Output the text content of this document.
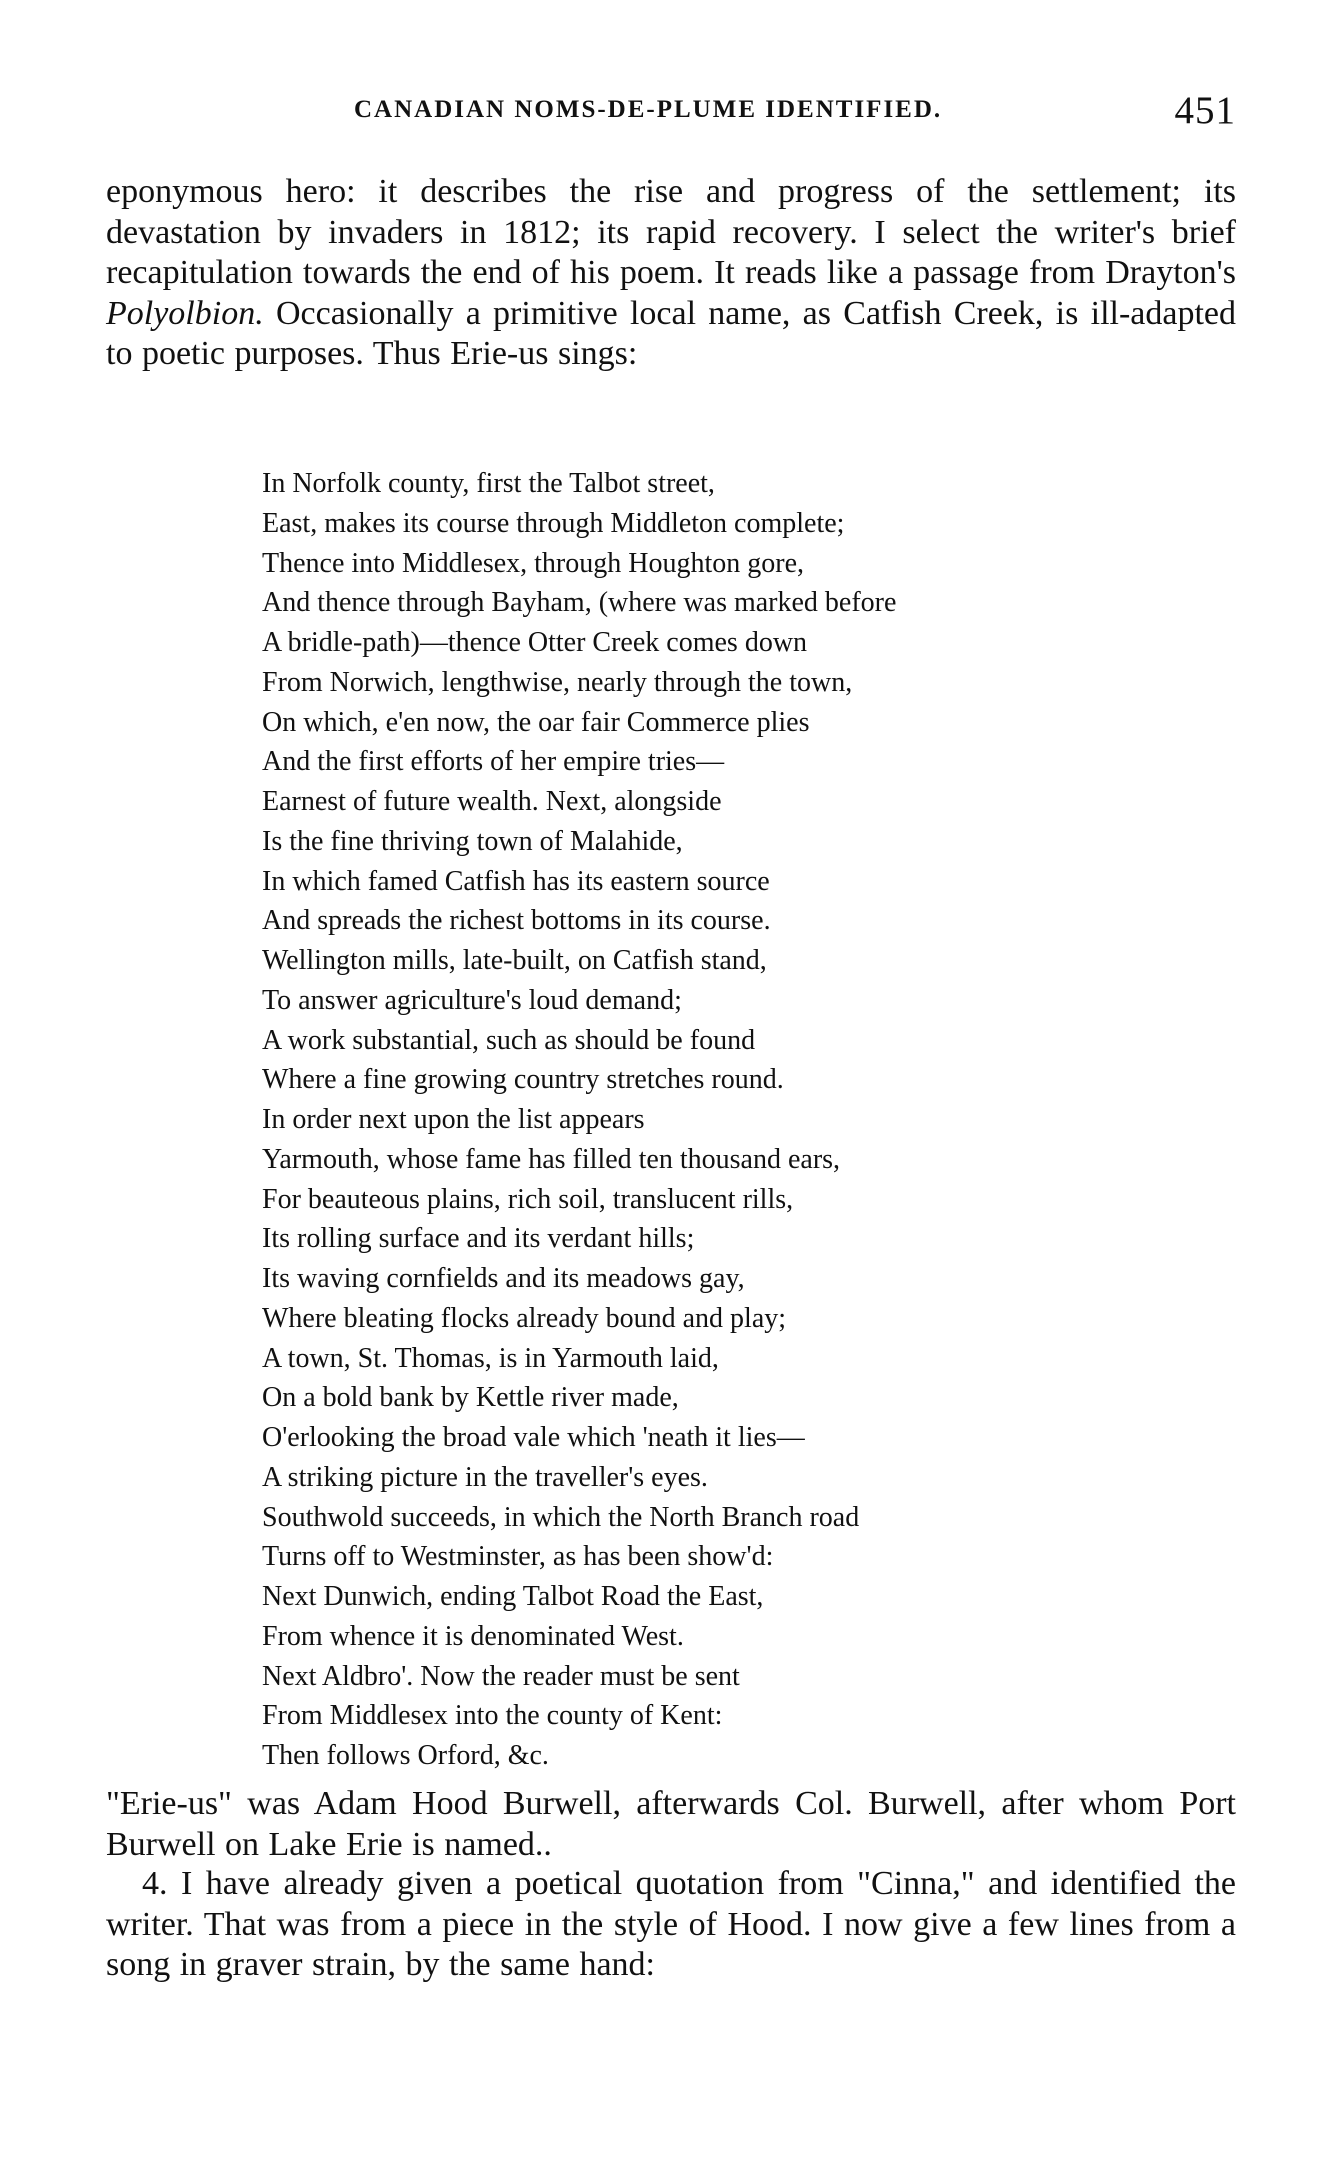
CANADIAN NOMS-DE-PLUME IDENTIFIED.	451

eponymous hero: it describes the rise and progress of the settlement; its devastation by invaders in 1812; its rapid recovery. I select the writer's brief recapitulation towards the end of his poem. It reads like a passage from Drayton's Polyolbion. Occasionally a primitive local name, as Catfish Creek, is ill-adapted to poetic purposes. Thus Erie-us sings:

In Norfolk county, first the Talbot street,
East, makes its course through Middleton complete;
Thence into Middlesex, through Houghton gore,
And thence through Bayham, (where was marked before
A bridle-path)—thence Otter Creek comes down
From Norwich, lengthwise, nearly through the town,
On which, e'en now, the oar fair Commerce plies
And the first efforts of her empire tries—
Earnest of future wealth. Next, alongside
Is the fine thriving town of Malahide,
In which famed Catfish has its eastern source
And spreads the richest bottoms in its course.
Wellington mills, late-built, on Catfish stand,
To answer agriculture's loud demand;
A work substantial, such as should be found
Where a fine growing country stretches round.
In order next upon the list appears
Yarmouth, whose fame has filled ten thousand ears,
For beauteous plains, rich soil, translucent rills,
Its rolling surface and its verdant hills;
Its waving cornfields and its meadows gay,
Where bleating flocks already bound and play;
A town, St. Thomas, is in Yarmouth laid,
On a bold bank by Kettle river made,
O'erlooking the broad vale which 'neath it lies—
A striking picture in the traveller's eyes.
Southwold succeeds, in which the North Branch road
Turns off to Westminster, as has been show'd:
Next Dunwich, ending Talbot Road the East,
From whence it is denominated West.
Next Aldbro'. Now the reader must be sent
From Middlesex into the county of Kent:
Then follows Orford, &c.

"Erie-us" was Adam Hood Burwell, afterwards Col. Burwell, after whom Port Burwell on Lake Erie is named..

4. I have already given a poetical quotation from "Cinna," and identified the writer. That was from a piece in the style of Hood. I now give a few lines from a song in graver strain, by the same hand:
